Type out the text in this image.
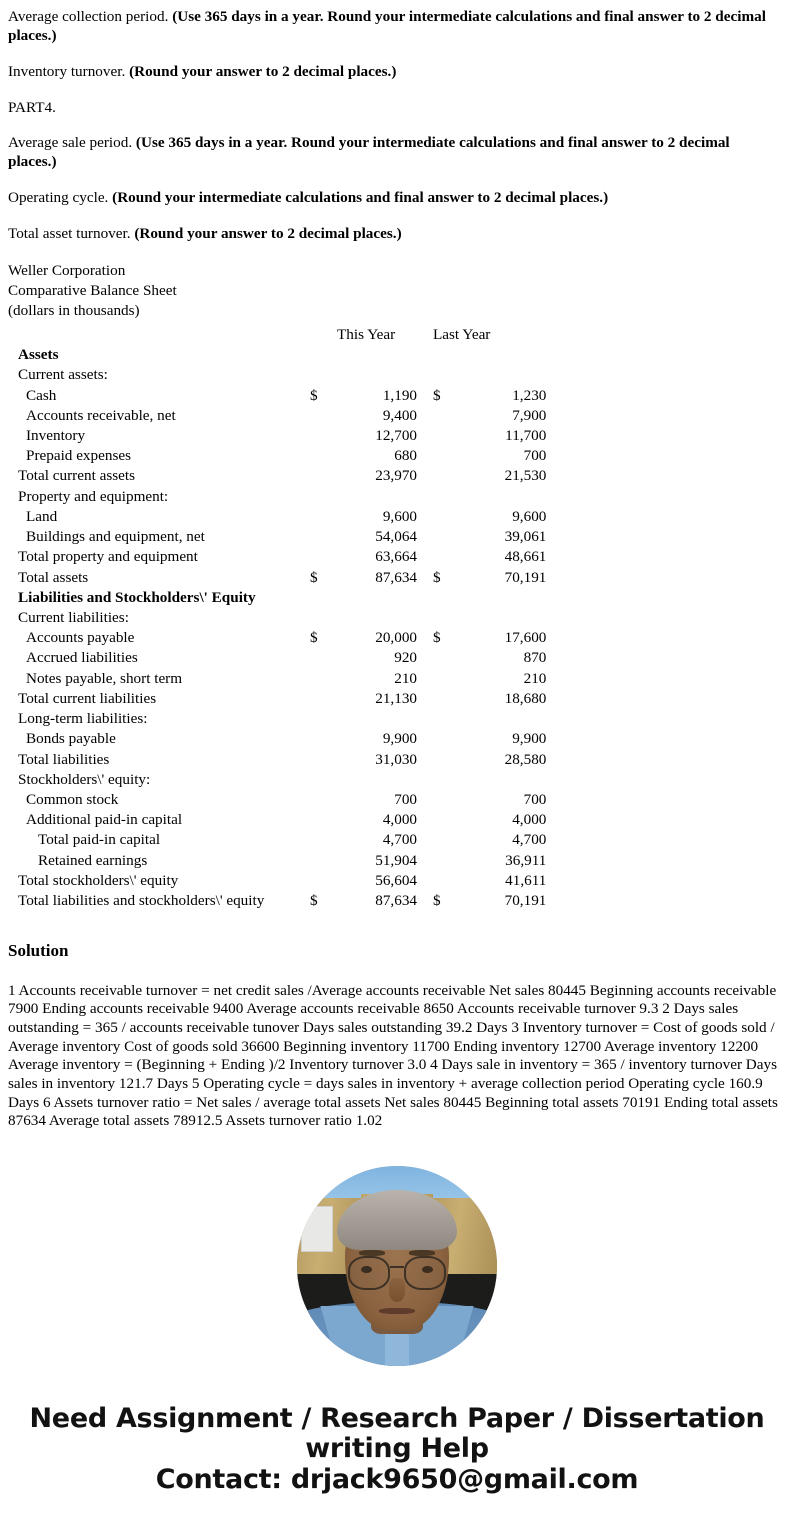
Average collection period. (Use 365 days in a year. Round your intermediate calculations and final answer to 2 decimal places.)

Inventory turnover. (Round your answer to 2 decimal places.)

PART4.

Average sale period. (Use 365 days in a year. Round your intermediate calculations and final answer to 2 decimal places.)

Operating cycle. (Round your intermediate calculations and final answer to 2 decimal places.)

Total asset turnover. (Round your answer to 2 decimal places.)

Weller Corporation
Comparative Balance Sheet
(dollars in thousands)
		This Year	Last Year	
Assets				
Current assets:				
Cash	$	1,190	$	1,230
Accounts receivable, net		9,400		7,900
Inventory		12,700		11,700
Prepaid expenses		680		700
Total current assets		23,970		21,530
Property and equipment:				
Land		9,600		9,600
Buildings and equipment, net		54,064		39,061
Total property and equipment		63,664		48,661
Total assets	$	87,634	$	70,191
Liabilities and Stockholders\' Equity				
Current liabilities:				
Accounts payable	$	20,000	$	17,600
Accrued liabilities		920		870
Notes payable, short term		210		210
Total current liabilities		21,130		18,680
Long-term liabilities:				
Bonds payable		9,900		9,900
Total liabilities		31,030		28,580
Stockholders\' equity:				
Common stock		700		700
Additional paid-in capital		4,000		4,000
Total paid-in capital		4,700		4,700
Retained earnings		51,904		36,911
Total stockholders\' equity		56,604		41,611
Total liabilities and stockholders\' equity	$	87,634	$	70,191
Solution

1 Accounts receivable turnover = net credit sales /Average accounts receivable Net sales 80445 Beginning accounts receivable 7900 Ending accounts receivable 9400 Average accounts receivable 8650 Accounts receivable turnover 9.3 2 Days sales outstanding = 365 / accounts receivable tunover Days sales outstanding 39.2 Days 3 Inventory turnover = Cost of goods sold / Average inventory Cost of goods sold 36600 Beginning inventory 11700 Ending inventory 12700 Average inventory 12200 Average inventory = (Beginning + Ending )/2 Inventory turnover 3.0 4 Days sale in inventory = 365 / inventory turnover Days sales in inventory 121.7 Days 5 Operating cycle = days sales in inventory + average collection period Operating cycle 160.9 Days 6 Assets turnover ratio = Net sales / average total assets Net sales 80445 Beginning total assets 70191 Ending total assets 87634 Average total assets 78912.5 Assets turnover ratio 1.02

Need Assignment / Research Paper / Dissertation
writing Help
Contact: drjack9650@gmail.com
